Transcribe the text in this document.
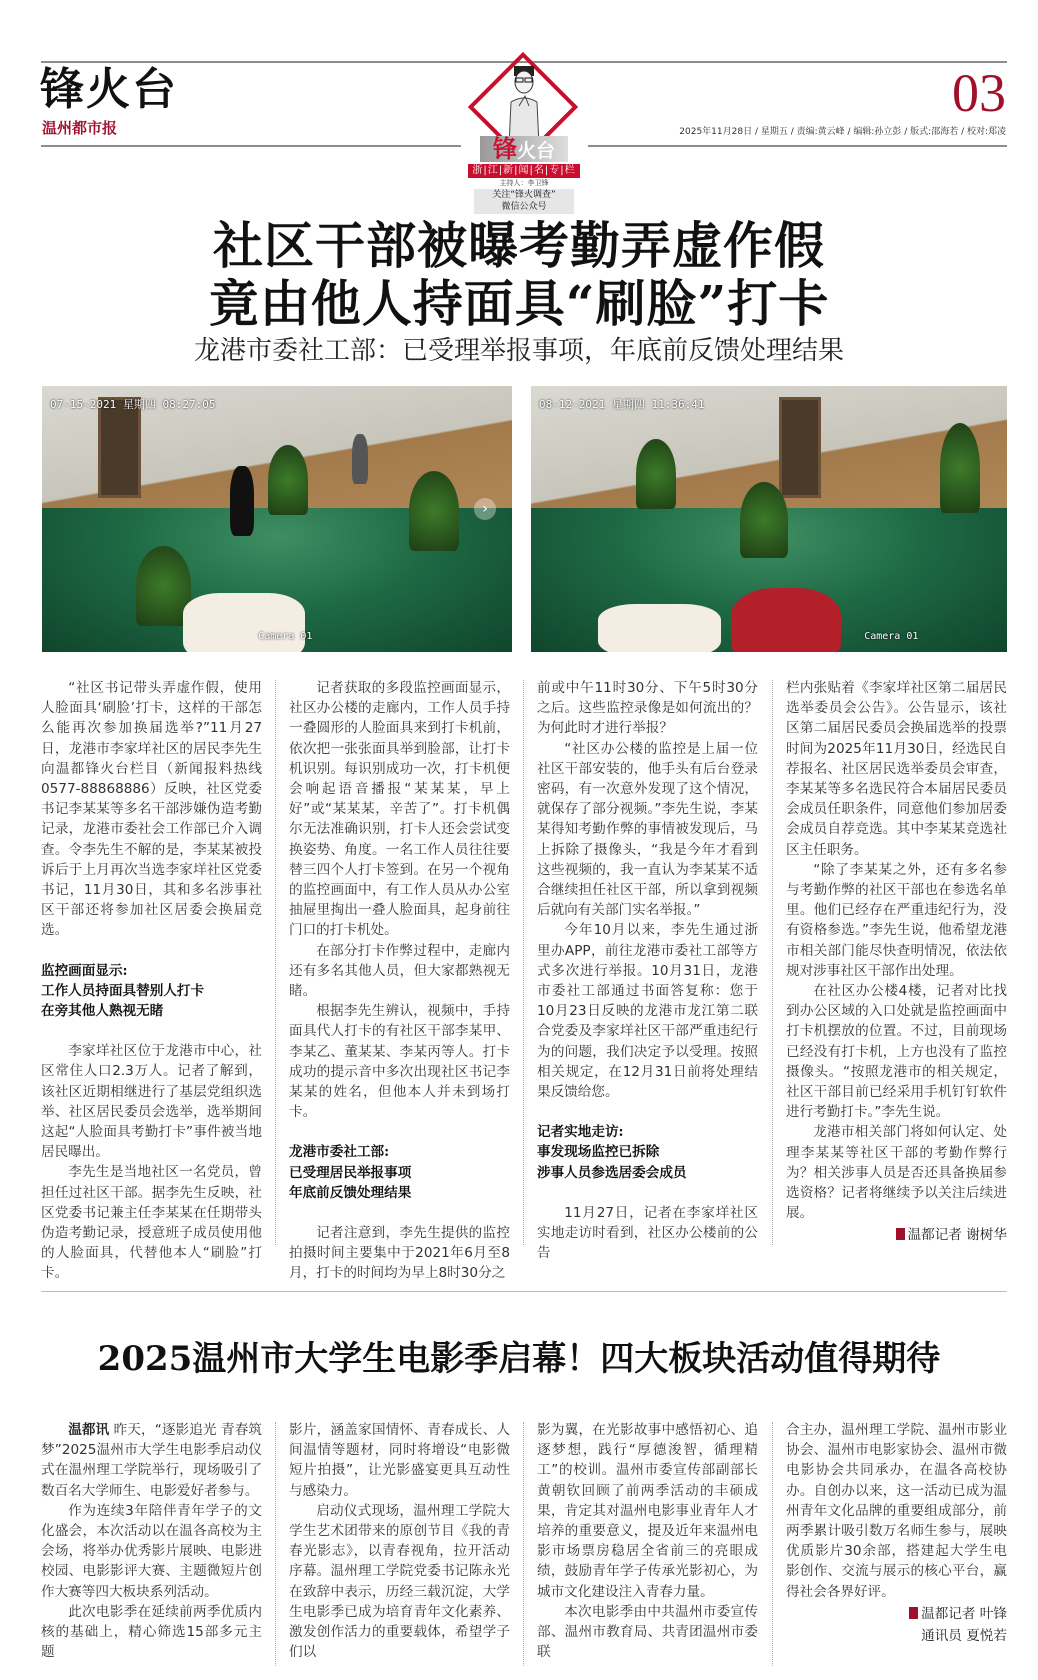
锋火台
温州都市报
03
2025年11月28日 / 星期五 / 责编:黄云峰 / 编辑:孙立彭 / 版式:邵海若 / 校对:郑凌
锋火台
浙|江|新|闻|名|专|栏
主持人：李卫锋
关注“锋火调查”
微信公众号
社区干部被曝考勤弄虚作假
竟由他人持面具“刷脸”打卡
龙港市委社工部：已受理举报事项，年底前反馈处理结果
07-15-2021 星期四 08:27:05
Camera 01
›
08-12-2021 星期四 11:36:41
Camera 01

“社区书记带头弄虚作假，使用人脸面具‘刷脸’打卡，这样的干部怎么能再次参加换届选举?”11月27日，龙港市李家垟社区的居民李先生向温都锋火台栏目（新闻报料热线 0577-88868886）反映，社区党委书记李某某等多名干部涉嫌伪造考勤记录，龙港市委社会工作部已介入调查。令李先生不解的是，李某某被投诉后于上月再次当选李家垟社区党委书记，11月30日，其和多名涉事社区干部还将参加社区居委会换届竞选。

监控画面显示:
工作人员持面具替别人打卡
在旁其他人熟视无睹

李家垟社区位于龙港市中心，社区常住人口2.3万人。记者了解到，该社区近期相继进行了基层党组织选举、社区居民委员会选举，选举期间这起“人脸面具考勤打卡”事件被当地居民曝出。

李先生是当地社区一名党员，曾担任过社区干部。据李先生反映，社区党委书记兼主任李某某在任期带头伪造考勤记录，授意班子成员使用他的人脸面具，代替他本人“刷脸”打卡。

记者获取的多段监控画面显示，社区办公楼的走廊内，工作人员手持一叠圆形的人脸面具来到打卡机前，依次把一张张面具举到脸部，让打卡机识别。每识别成功一次，打卡机便会响起语音播报“某某某，早上好”或“某某某，辛苦了”。打卡机偶尔无法准确识别，打卡人还会尝试变换姿势、角度。一名工作人员往往要替三四个人打卡签到。在另一个视角的监控画面中，有工作人员从办公室抽屉里掏出一叠人脸面具，起身前往门口的打卡机处。

在部分打卡作弊过程中，走廊内还有多名其他人员，但大家都熟视无睹。

根据李先生辨认，视频中，手持面具代人打卡的有社区干部李某甲、李某乙、董某某、李某丙等人。打卡成功的提示音中多次出现社区书记李某某的姓名，但他本人并未到场打卡。

龙港市委社工部:
已受理居民举报事项
年底前反馈处理结果

记者注意到，李先生提供的监控拍摄时间主要集中于2021年6月至8月，打卡的时间均为早上8时30分之

前或中午11时30分、下午5时30分之后。这些监控录像是如何流出的？为何此时才进行举报？

“社区办公楼的监控是上届一位社区干部安装的，他手头有后台登录密码，有一次意外发现了这个情况，就保存了部分视频。”李先生说，李某某得知考勤作弊的事情被发现后，马上拆除了摄像头，“我是今年才看到这些视频的，我一直认为李某某不适合继续担任社区干部，所以拿到视频后就向有关部门实名举报。”

今年10月以来，李先生通过浙里办APP，前往龙港市委社工部等方式多次进行举报。10月31日，龙港市委社工部通过书面答复称：您于10月23日反映的龙港市龙江第二联合党委及李家垟社区干部严重违纪行为的问题，我们决定予以受理。按照相关规定，在12月31日前将处理结果反馈给您。

记者实地走访:
事发现场监控已拆除
涉事人员参选居委会成员

11月27日，记者在李家垟社区实地走访时看到，社区办公楼前的公告

栏内张贴着《李家垟社区第二届居民选举委员会公告》。公告显示，该社区第二届居民委员会换届选举的投票时间为2025年11月30日，经选民自荐报名、社区居民选举委员会审查，李某某等多名选民符合本届居民委员会成员任职条件，同意他们参加居委会成员自荐竞选。其中李某某竞选社区主任职务。

“除了李某某之外，还有多名参与考勤作弊的社区干部也在参选名单里。他们已经存在严重违纪行为，没有资格参选。”李先生说，他希望龙港市相关部门能尽快查明情况，依法依规对涉事社区干部作出处理。

在社区办公楼4楼，记者对比找到办公区域的入口处就是监控画面中打卡机摆放的位置。不过，目前现场已经没有打卡机，上方也没有了监控摄像头。“按照龙港市的相关规定，社区干部目前已经采用手机钉钉软件进行考勤打卡。”李先生说。

龙港市相关部门将如何认定、处理李某某等社区干部的考勤作弊行为？相关涉事人员是否还具备换届参选资格？记者将继续予以关注后续进展。

温都记者 谢树华
2025温州市大学生电影季启幕！四大板块活动值得期待

温都讯 昨天，“逐影追光 青春筑梦”2025温州市大学生电影季启动仪式在温州理工学院举行，现场吸引了数百名大学师生、电影爱好者参与。

作为连续3年陪伴青年学子的文化盛会，本次活动以在温各高校为主会场，将举办优秀影片展映、电影进校园、电影影评大赛、主题微短片创作大赛等四大板块系列活动。

此次电影季在延续前两季优质内核的基础上，精心筛选15部多元主题

影片，涵盖家国情怀、青春成长、人间温情等题材，同时将增设“电影微短片拍摄”，让光影盛宴更具互动性与感染力。

启动仪式现场，温州理工学院大学生艺术团带来的原创节目《我的青春光影志》，以青春视角，拉开活动序幕。温州理工学院党委书记陈永光在致辞中表示，历经三载沉淀，大学生电影季已成为培育青年文化素养、激发创作活力的重要载体，希望学子们以

影为翼，在光影故事中感悟初心、追逐梦想，践行“厚德浚智，循理精工”的校训。温州市委宣传部副部长黄朝钦回顾了前两季活动的丰硕成果，肯定其对温州电影事业青年人才培养的重要意义，提及近年来温州电影市场票房稳居全省前三的亮眼成绩，鼓励青年学子传承光影初心，为城市文化建设注入青春力量。

本次电影季由中共温州市委宣传部、温州市教育局、共青团温州市委联

合主办，温州理工学院、温州市影业协会、温州市电影家协会、温州市微电影协会共同承办，在温各高校协办。自创办以来，这一活动已成为温州青年文化品牌的重要组成部分，前两季累计吸引数万名师生参与，展映优质影片30余部，搭建起大学生电影创作、交流与展示的核心平台，赢得社会各界好评。

温都记者 叶锋
通讯员 夏悦若
